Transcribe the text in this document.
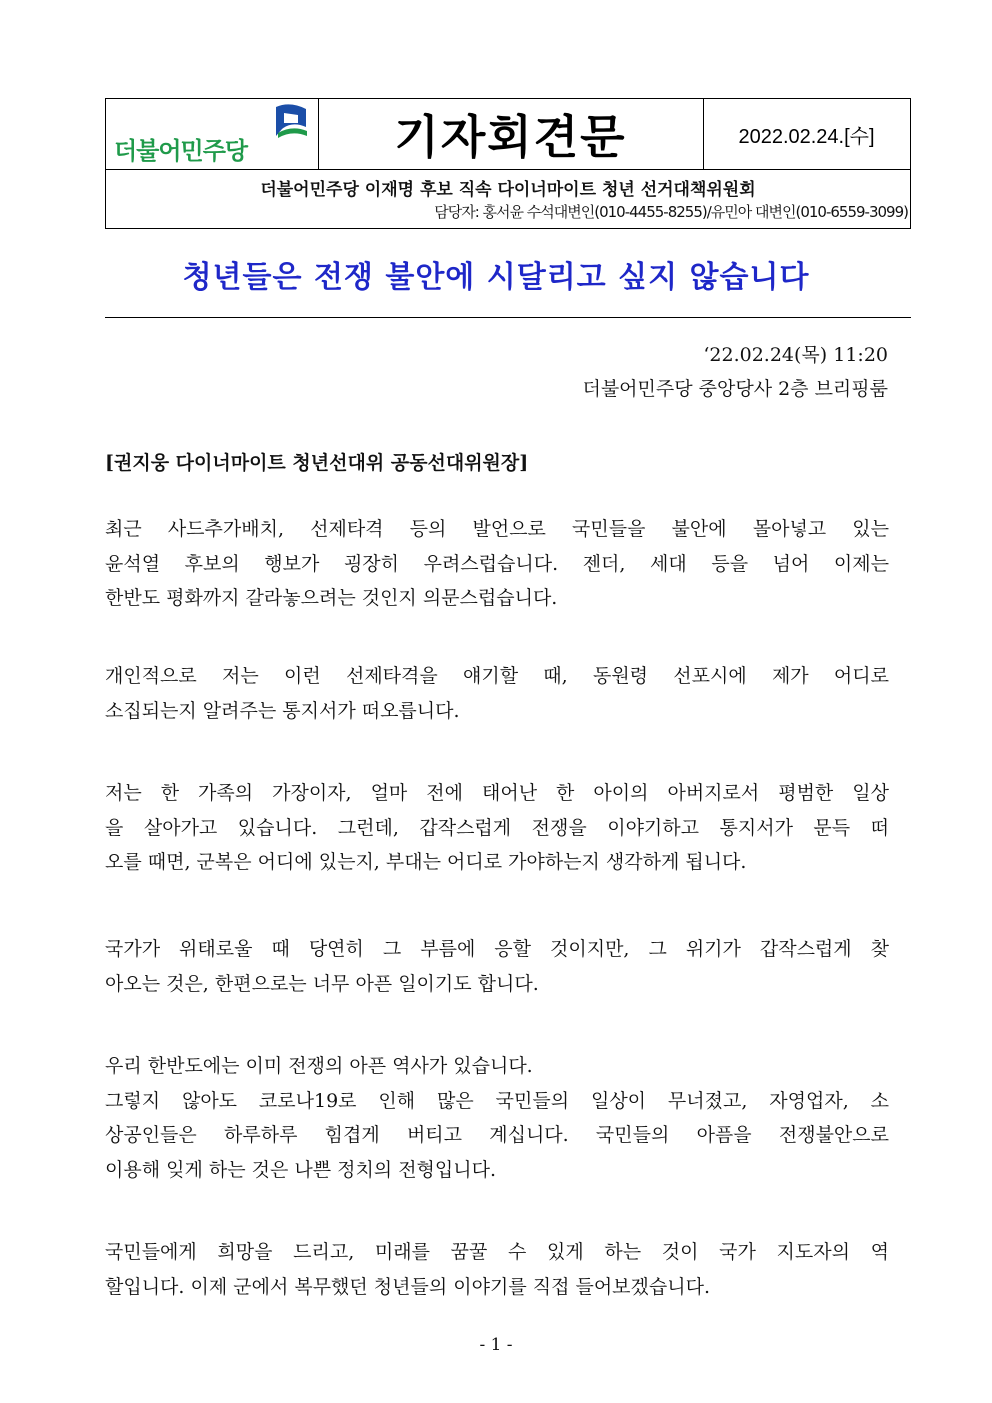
더불어민주당	기자회견문	2022.02.24.[수]
더불어민주당 이재명 후보 직속 다이너마이트 청년 선거대책위원회
담당자: 홍서윤 수석대변인(010-4455-8255)/유민아 대변인(010-6559-3099)
청년들은 전쟁 불안에 시달리고 싶지 않습니다
‘22.02.24(목) 11:20
더불어민주당 중앙당사 2층 브리핑룸
[권지웅 다이너마이트 청년선대위 공동선대위원장]
최근 사드추가배치, 선제타격 등의 발언으로 국민들을 불안에 몰아넣고 있는
윤석열 후보의 행보가 굉장히 우려스럽습니다. 젠더, 세대 등을 넘어 이제는
한반도 평화까지 갈라놓으려는 것인지 의문스럽습니다.
개인적으로 저는 이런 선제타격을 얘기할 때, 동원령 선포시에 제가 어디로
소집되는지 알려주는 통지서가 떠오릅니다.
저는 한 가족의 가장이자, 얼마 전에 태어난 한 아이의 아버지로서 평범한 일상
을 살아가고 있습니다. 그런데, 갑작스럽게 전쟁을 이야기하고 통지서가 문득 떠
오를 때면, 군복은 어디에 있는지, 부대는 어디로 가야하는지 생각하게 됩니다.
국가가 위태로울 때 당연히 그 부름에 응할 것이지만, 그 위기가 갑작스럽게 찾
아오는 것은, 한편으로는 너무 아픈 일이기도 합니다.
우리 한반도에는 이미 전쟁의 아픈 역사가 있습니다.
그렇지 않아도 코로나19로 인해 많은 국민들의 일상이 무너졌고, 자영업자, 소
상공인들은 하루하루 힘겹게 버티고 계십니다. 국민들의 아픔을 전쟁불안으로
이용해 잊게 하는 것은 나쁜 정치의 전형입니다.
국민들에게 희망을 드리고, 미래를 꿈꿀 수 있게 하는 것이 국가 지도자의 역
할입니다. 이제 군에서 복무했던 청년들의 이야기를 직접 들어보겠습니다.
- 1 -
